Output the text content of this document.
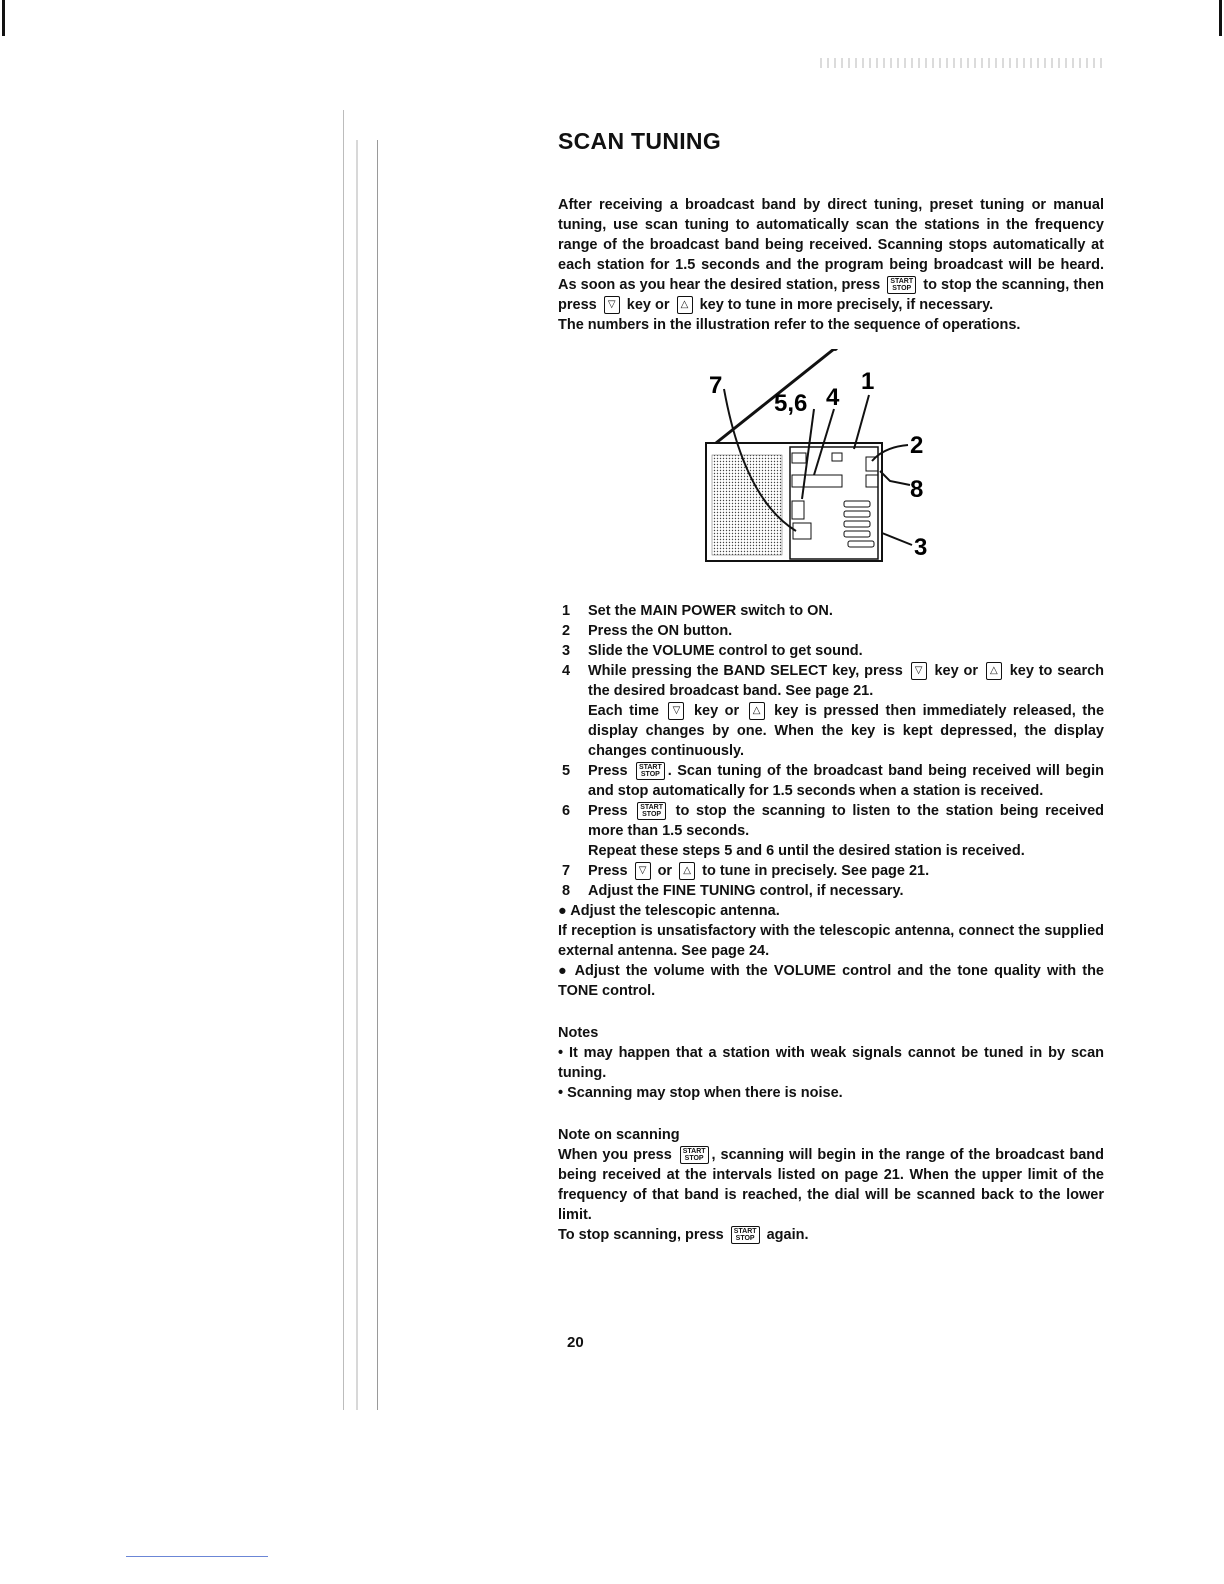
SCAN TUNING

After receiving a broadcast band by direct tuning, preset tuning or manual tuning, use scan tuning to automatically scan the stations in the frequency range of the broadcast band being received. Scanning stops automatically at each station for 1.5 seconds and the program being broadcast will be heard. As soon as you hear the desired station, press START
STOP to stop the scanning, then press ▽ key or △ key to tune in more precisely, if necessary.

The numbers in the illustration refer to the sequence of operations.

7
5,6 4
1
2
8
3
1 Set the MAIN POWER switch to ON.
2 Press the ON button.
3 Slide the VOLUME control to get sound.
4 While pressing the BAND SELECT key, press ▽ key or △ key to search the desired broadcast band. See page 21.
Each time ▽ key or △ key is pressed then immediately released, the display changes by one. When the key is kept depressed, the display changes continuously.
5 Press START
STOP . Scan tuning of the broadcast band being received will begin and stop automatically for 1.5 seconds when a station is received.
6 Press START
STOP to stop the scanning to listen to the station being received more than 1.5 seconds.
Repeat these steps 5 and 6 until the desired station is received.
7 Press ▽ or △ to tune in precisely. See page 21.
8 Adjust the FINE TUNING control, if necessary.

● Adjust the telescopic antenna.

If reception is unsatisfactory with the telescopic antenna, connect the supplied external antenna. See page 24.

● Adjust the volume with the VOLUME control and the tone quality with the TONE control.

Notes

• It may happen that a station with weak signals cannot be tuned in by scan tuning.

• Scanning may stop when there is noise.

Note on scanning

When you press START
STOP , scanning will begin in the range of the broadcast band being received at the intervals listed on page 21. When the upper limit of the frequency of that band is reached, the dial will be scanned back to the lower limit.

To stop scanning, press START
STOP again.

20
